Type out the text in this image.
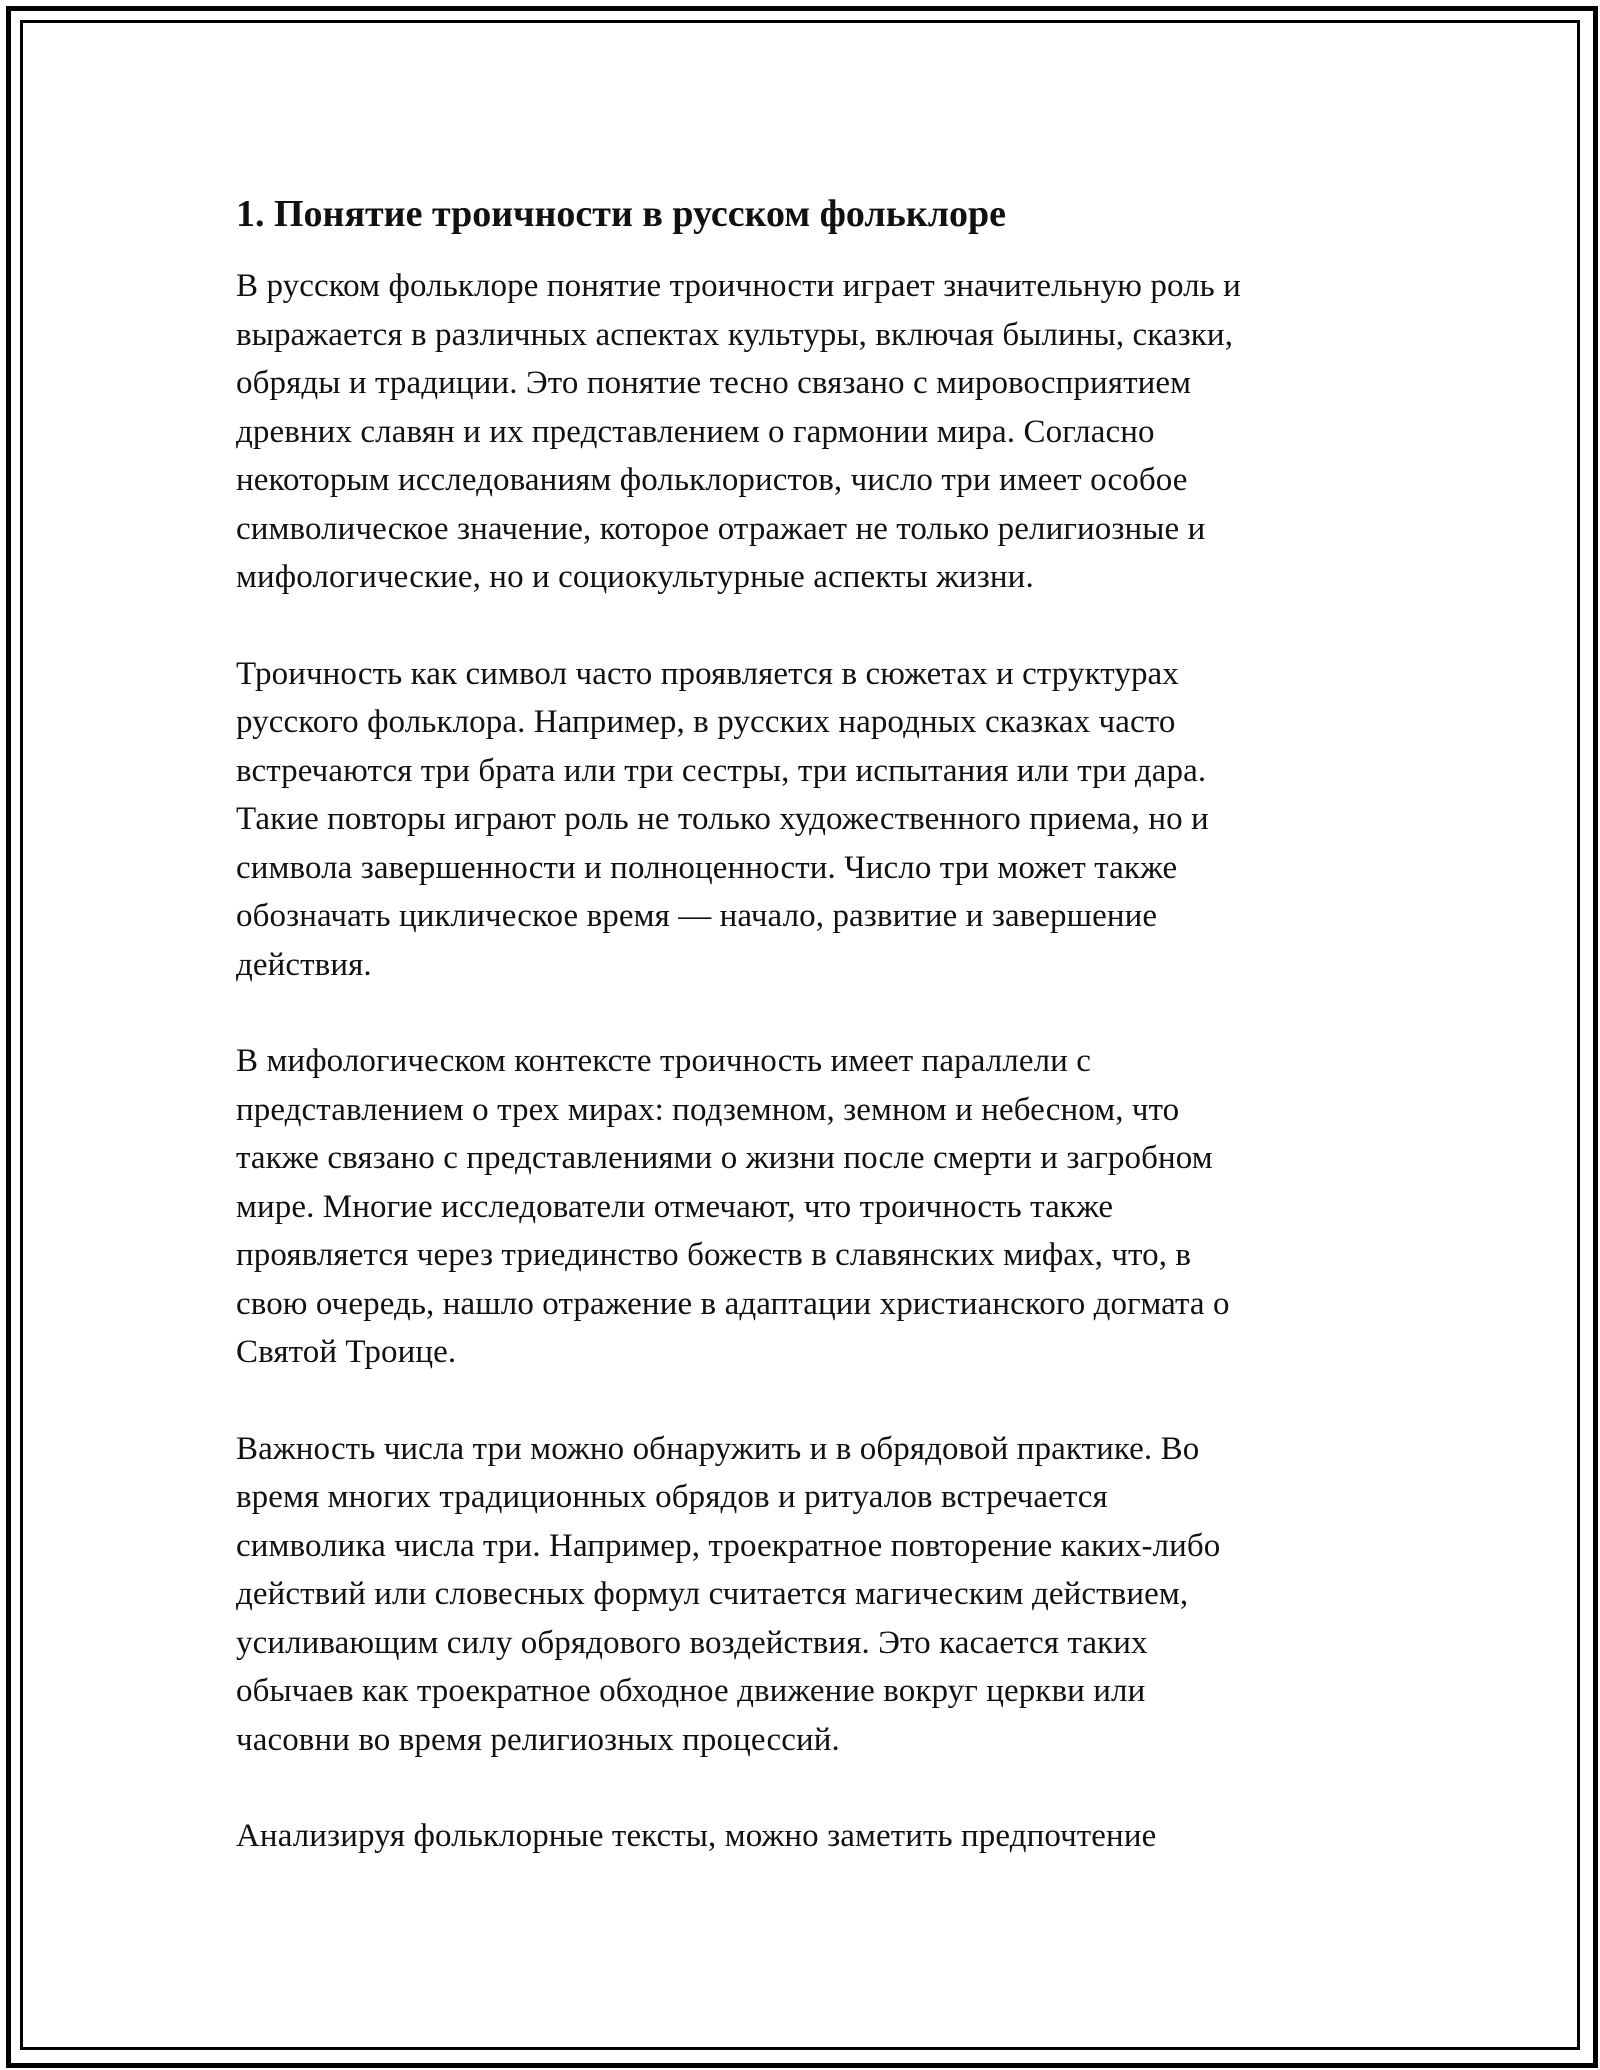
1. Понятие троичности в русском фольклоре

В русском фольклоре понятие троичности играет значительную роль и
выражается в различных аспектах культуры, включая былины, сказки,
обряды и традиции. Это понятие тесно связано с мировосприятием
древних славян и их представлением о гармонии мира. Согласно
некоторым исследованиям фольклористов, число три имеет особое
символическое значение, которое отражает не только религиозные и
мифологические, но и социокультурные аспекты жизни.

Троичность как символ часто проявляется в сюжетах и структурах
русского фольклора. Например, в русских народных сказках часто
встречаются три брата или три сестры, три испытания или три дара.
Такие повторы играют роль не только художественного приема, но и
символа завершенности и полноценности. Число три может также
обозначать циклическое время — начало, развитие и завершение
действия.

В мифологическом контексте троичность имеет параллели с
представлением о трех мирах: подземном, земном и небесном, что
также связано с представлениями о жизни после смерти и загробном
мире. Многие исследователи отмечают, что троичность также
проявляется через триединство божеств в славянских мифах, что, в
свою очередь, нашло отражение в адаптации христианского догмата о
Святой Троице.

Важность числа три можно обнаружить и в обрядовой практике. Во
время многих традиционных обрядов и ритуалов встречается
символика числа три. Например, троекратное повторение каких-либо
действий или словесных формул считается магическим действием,
усиливающим силу обрядового воздействия. Это касается таких
обычаев как троекратное обходное движение вокруг церкви или
часовни во время религиозных процессий.

Анализируя фольклорные тексты, можно заметить предпочтение
